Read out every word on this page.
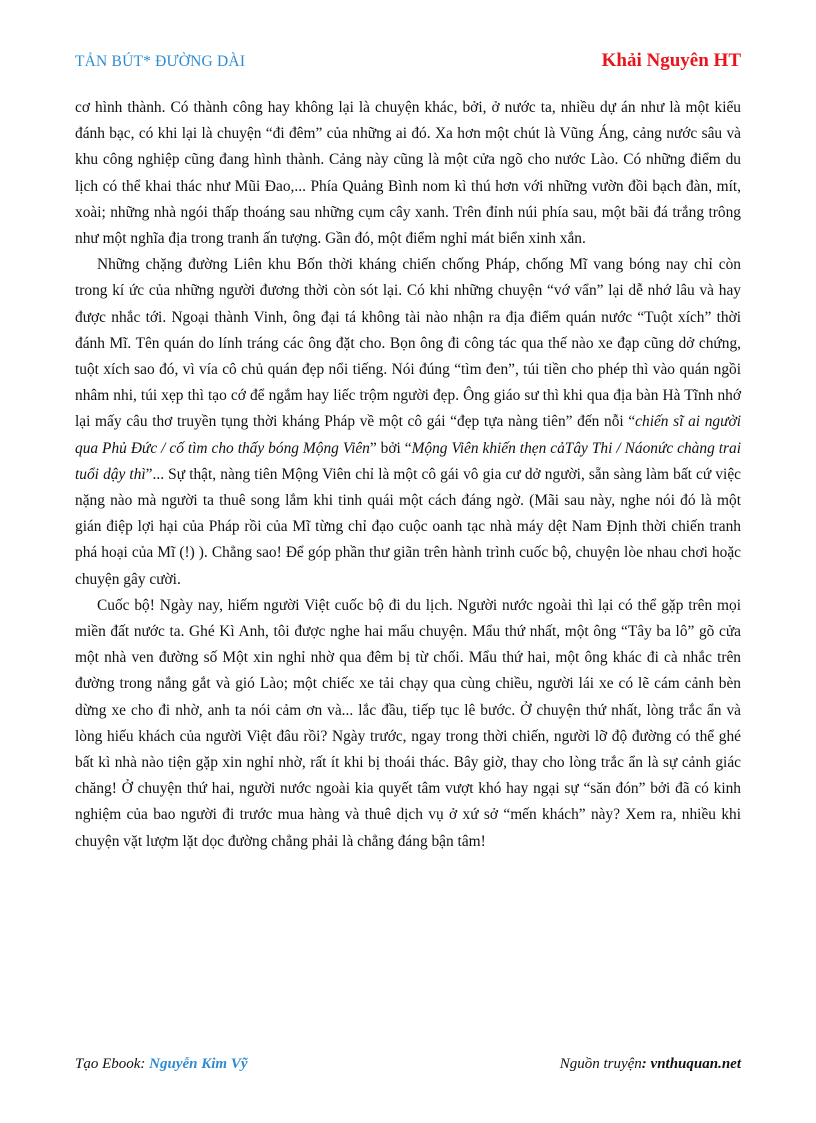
TẢN BÚT* ĐƯỜNG DÀI	Khải Nguyên HT

cơ hình thành. Có thành công hay không lại là chuyện khác, bởi, ở nước ta, nhiều dự án như là một kiểu đánh bạc, có khi lại là chuyện “đi đêm” của những ai đó. Xa hơn một chút là Vũng Áng, cảng nước sâu và khu công nghiệp cũng đang hình thành. Cảng này cũng là một cửa ngõ cho nước Lào. Có những điểm du lịch có thể khai thác như Mũi Đao,... Phía Quảng Bình nom kì thú hơn với những vườn đồi bạch đàn, mít, xoài; những nhà ngói thấp thoáng sau những cụm cây xanh. Trên đỉnh núi phía sau, một bãi đá trắng trông như một nghĩa địa trong tranh ấn tượng. Gần đó, một điểm nghỉ mát biển xinh xắn.

Những chặng đường Liên khu Bốn thời kháng chiến chống Pháp, chống Mĩ vang bóng nay chỉ còn trong kí ức của những người đương thời còn sót lại. Có khi những chuyện “vớ vẩn” lại dễ nhớ lâu và hay được nhắc tới. Ngoại thành Vinh, ông đại tá không tài nào nhận ra địa điểm quán nước “Tuột xích” thời đánh Mĩ. Tên quán do lính tráng các ông đặt cho. Bọn ông đi công tác qua thế nào xe đạp cũng dở chứng, tuột xích sao đó, vì vía cô chủ quán đẹp nổi tiếng. Nói đúng “tìm đen”, túi tiền cho phép thì vào quán ngồi nhâm nhi, túi xẹp thì tạo cớ để ngắm hay liếc trộm người đẹp. Ông giáo sư thì khi qua địa bàn Hà Tĩnh nhớ lại mấy câu thơ truyền tụng thời kháng Pháp về một cô gái “đẹp tựa nàng tiên” đến nỗi “chiến sĩ ai người qua Phủ Đức / cố tìm cho thấy bóng Mộng Viên” bởi “Mộng Viên khiến thẹn cảTây Thi / Náonức chàng trai tuổi dậy thì”... Sự thật, nàng tiên Mộng Viên chỉ là một cô gái vô gia cư dở người, sẵn sàng làm bất cứ việc nặng nào mà người ta thuê song lắm khi tinh quái một cách đáng ngờ. (Mãi sau này, nghe nói đó là một gián điệp lợi hại của Pháp rồi của Mĩ từng chỉ đạo cuộc oanh tạc nhà máy dệt Nam Định thời chiến tranh phá hoại của Mĩ (!) ). Chẳng sao! Để góp phần thư giãn trên hành trình cuốc bộ, chuyện lòe nhau chơi hoặc chuyện gây cười.

Cuốc bộ! Ngày nay, hiếm người Việt cuốc bộ đi du lịch. Người nước ngoài thì lại có thể gặp trên mọi miền đất nước ta. Ghé Kì Anh, tôi được nghe hai mẩu chuyện. Mẩu thứ nhất, một ông “Tây ba lô” gõ cửa một nhà ven đường số Một xin nghỉ nhờ qua đêm bị từ chối. Mẩu thứ hai, một ông khác đi cà nhắc trên đường trong nắng gắt và gió Lào; một chiếc xe tải chạy qua cùng chiều, người lái xe có lẽ cám cảnh bèn dừng xe cho đi nhờ, anh ta nói cảm ơn và... lắc đầu, tiếp tục lê bước. Ở chuyện thứ nhất, lòng trắc ẩn và lòng hiếu khách của người Việt đâu rồi? Ngày trước, ngay trong thời chiến, người lỡ độ đường có thể ghé bất kì nhà nào tiện gặp xin nghỉ nhờ, rất ít khi bị thoái thác. Bây giờ, thay cho lòng trắc ẩn là sự cảnh giác chăng! Ở chuyện thứ hai, người nước ngoài kia quyết tâm vượt khó hay ngại sự “săn đón” bởi đã có kinh nghiệm của bao người đi trước mua hàng và thuê dịch vụ ở xứ sở “mến khách” này? Xem ra, nhiều khi chuyện vặt lượm lặt dọc đường chẳng phải là chẳng đáng bận tâm!

Tạo Ebook: Nguyễn Kim Vỹ	Nguồn truyện: vnthuquan.net
